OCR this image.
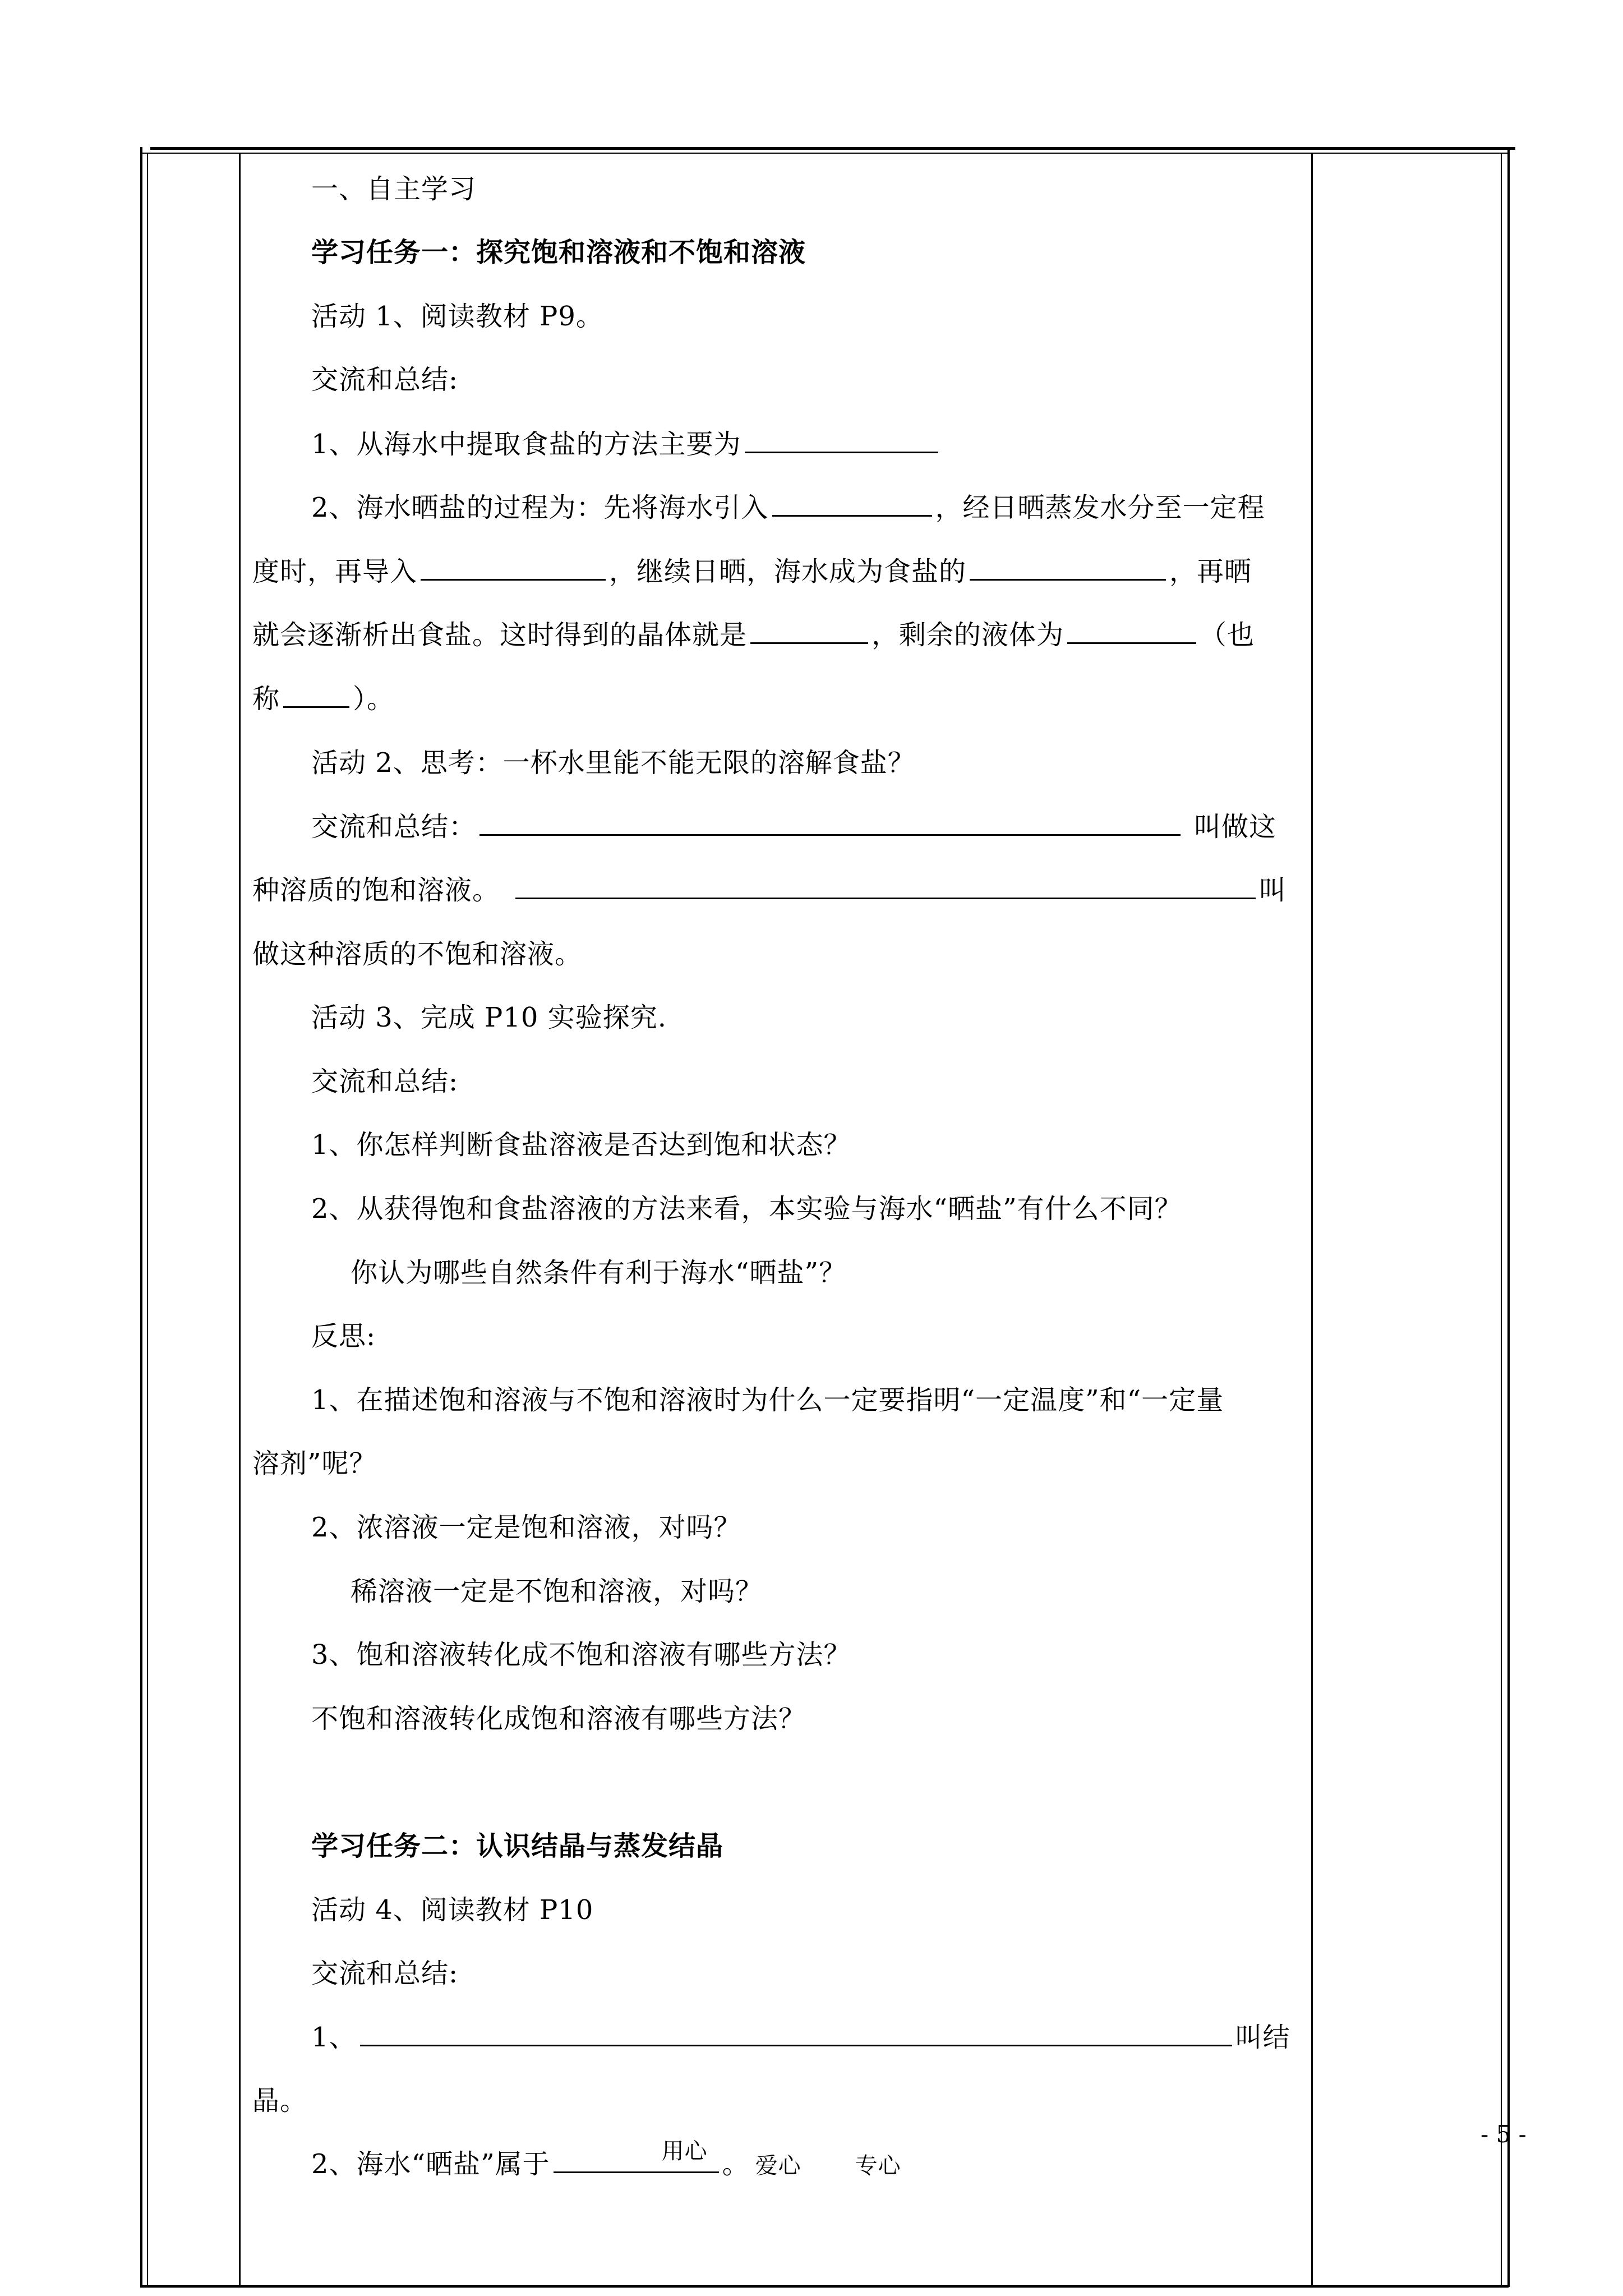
一、自主学习
学习任务一：探究饱和溶液和不饱和溶液
活动 1、阅读教材 P9。
交流和总结:
1、从海水中提取食盐的方法主要为
2、海水晒盐的过程为：先将海水引入	，经日晒蒸发水分至一定程
度时，再导入	，继续日晒，海水成为食盐的	，再晒
就会逐渐析出食盐。这时得到的晶体就是	，剩余的液体为	（也
称	）。
活动 2、思考：一杯水里能不能无限的溶解食盐？
交流和总结：	叫做这
种溶质的饱和溶液。	叫
做这种溶质的不饱和溶液。
活动 3、完成 P10 实验探究.
交流和总结:
1、你怎样判断食盐溶液是否达到饱和状态？
2、从获得饱和食盐溶液的方法来看，本实验与海水“晒盐”有什么不同？
你认为哪些自然条件有利于海水“晒盐”？
反思:
1、在描述饱和溶液与不饱和溶液时为什么一定要指明“一定温度”和“一定量
溶剂”呢？
2、浓溶液一定是饱和溶液，对吗？
稀溶液一定是不饱和溶液，对吗？
3、饱和溶液转化成不饱和溶液有哪些方法？
不饱和溶液转化成饱和溶液有哪些方法？
学习任务二：认识结晶与蒸发结晶
活动 4、阅读教材 P10
交流和总结:
1、	叫结
晶。
2、海水“晒盐”属于	用心 。 爱心 专心
- 5 -
